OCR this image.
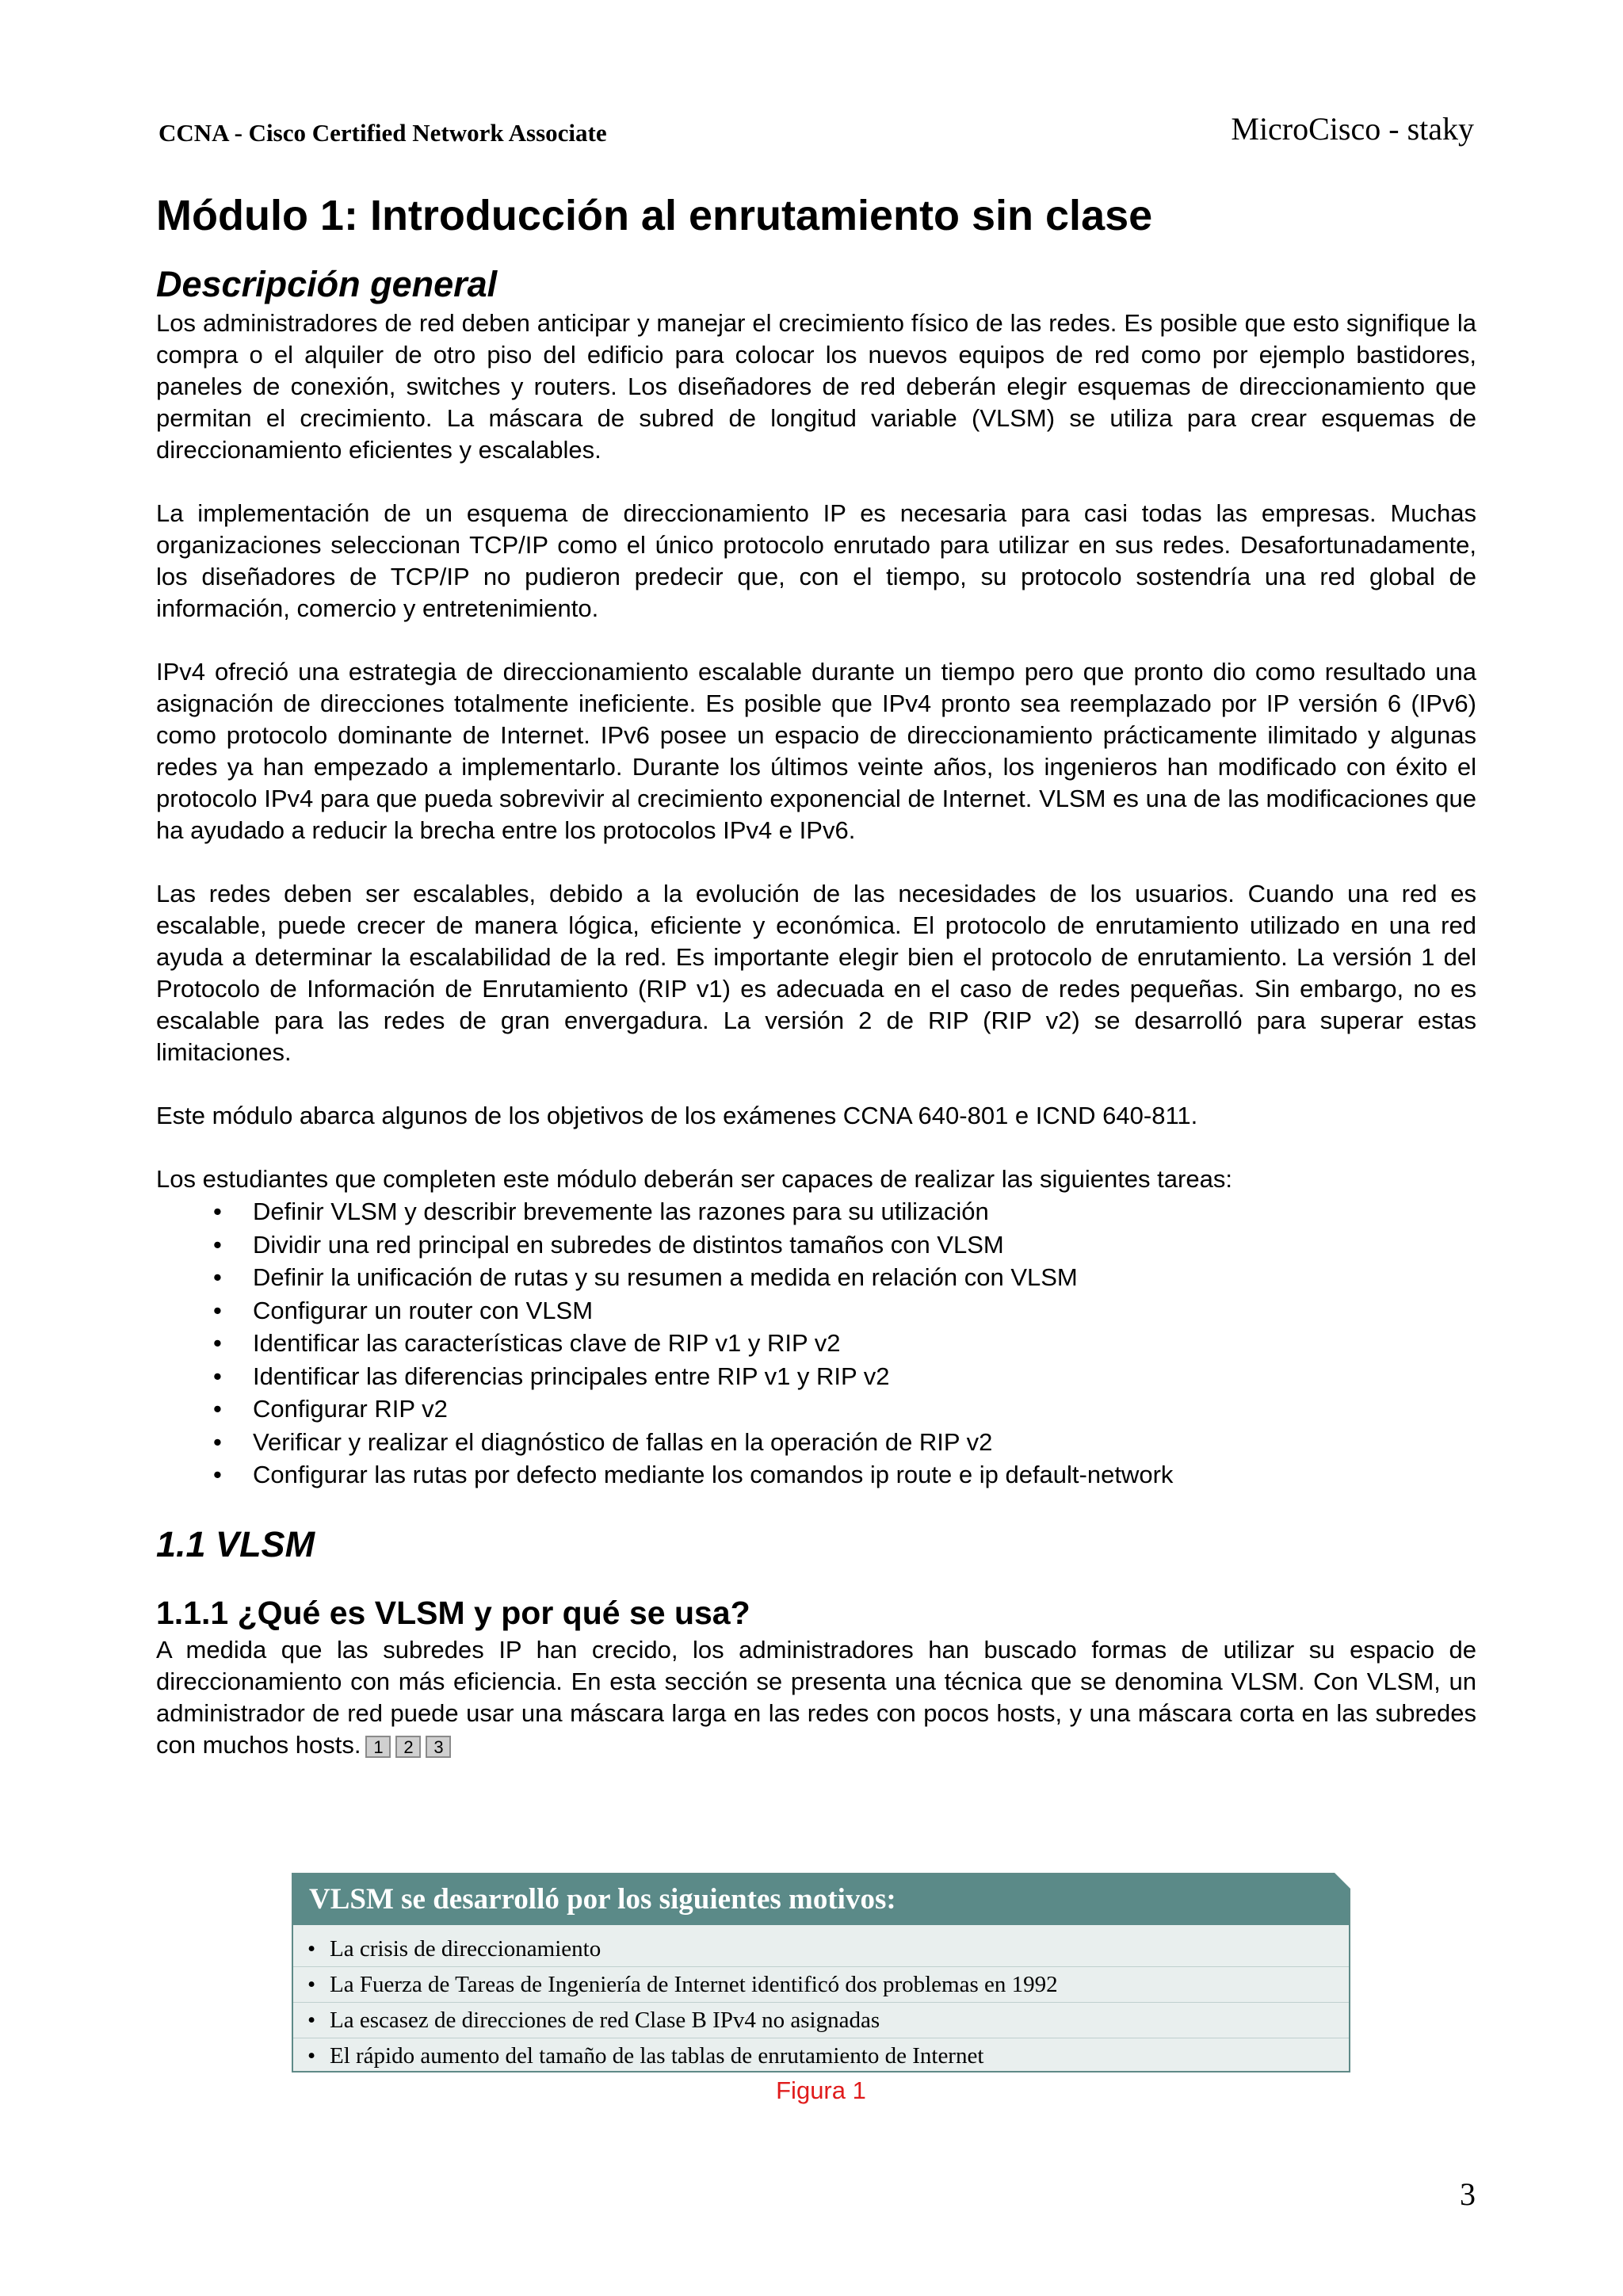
CCNA - Cisco Certified Network Associate	MicroCisco - staky
Módulo 1: Introducción al enrutamiento sin clase
Descripción general

Los administradores de red deben anticipar y manejar el crecimiento físico de las redes. Es posible que esto signifique la compra o el alquiler de otro piso del edificio para colocar los nuevos equipos de red como por ejemplo bastidores, paneles de conexión, switches y routers. Los diseñadores de red deberán elegir esquemas de direccionamiento que permitan el crecimiento. La máscara de subred de longitud variable (VLSM) se utiliza para crear esquemas de direccionamiento eficientes y escalables.

La implementación de un esquema de direccionamiento IP es necesaria para casi todas las empresas. Muchas organizaciones seleccionan TCP/IP como el único protocolo enrutado para utilizar en sus redes. Desafortunadamente, los diseñadores de TCP/IP no pudieron predecir que, con el tiempo, su protocolo sostendría una red global de información, comercio y entretenimiento.

IPv4 ofreció una estrategia de direccionamiento escalable durante un tiempo pero que pronto dio como resultado una asignación de direcciones totalmente ineficiente. Es posible que IPv4 pronto sea reemplazado por IP versión 6 (IPv6) como protocolo dominante de Internet. IPv6 posee un espacio de direccionamiento prácticamente ilimitado y algunas redes ya han empezado a implementarlo. Durante los últimos veinte años, los ingenieros han modificado con éxito el protocolo IPv4 para que pueda sobrevivir al crecimiento exponencial de Internet. VLSM es una de las modificaciones que ha ayudado a reducir la brecha entre los protocolos IPv4 e IPv6.

Las redes deben ser escalables, debido a la evolución de las necesidades de los usuarios. Cuando una red es escalable, puede crecer de manera lógica, eficiente y económica. El protocolo de enrutamiento utilizado en una red ayuda a determinar la escalabilidad de la red. Es importante elegir bien el protocolo de enrutamiento. La versión 1 del Protocolo de Información de Enrutamiento (RIP v1) es adecuada en el caso de redes pequeñas. Sin embargo, no es escalable para las redes de gran envergadura. La versión 2 de RIP (RIP v2) se desarrolló para superar estas limitaciones.

Este módulo abarca algunos de los objetivos de los exámenes CCNA 640-801 e ICND 640-811.

Los estudiantes que completen este módulo deberán ser capaces de realizar las siguientes tareas:

• Definir VLSM y describir brevemente las razones para su utilización
• Dividir una red principal en subredes de distintos tamaños con VLSM
• Definir la unificación de rutas y su resumen a medida en relación con VLSM
• Configurar un router con VLSM
• Identificar las características clave de RIP v1 y RIP v2
• Identificar las diferencias principales entre RIP v1 y RIP v2
• Configurar RIP v2
• Verificar y realizar el diagnóstico de fallas en la operación de RIP v2
• Configurar las rutas por defecto mediante los comandos ip route e ip default-network
1.1 VLSM
1.1.1 ¿Qué es VLSM y por qué se usa?

A medida que las subredes IP han crecido, los administradores han buscado formas de utilizar su espacio de direccionamiento con más eficiencia. En esta sección se presenta una técnica que se denomina VLSM. Con VLSM, un administrador de red puede usar una máscara larga en las redes con pocos hosts, y una máscara corta en las subredes con muchos hosts. 1 2 3

VLSM se desarrolló por los siguientes motivos:
• La crisis de direccionamiento
• La Fuerza de Tareas de Ingeniería de Internet identificó dos problemas en 1992
• La escasez de direcciones de red Clase B IPv4 no asignadas
• El rápido aumento del tamaño de las tablas de enrutamiento de Internet
Figura 1
3
